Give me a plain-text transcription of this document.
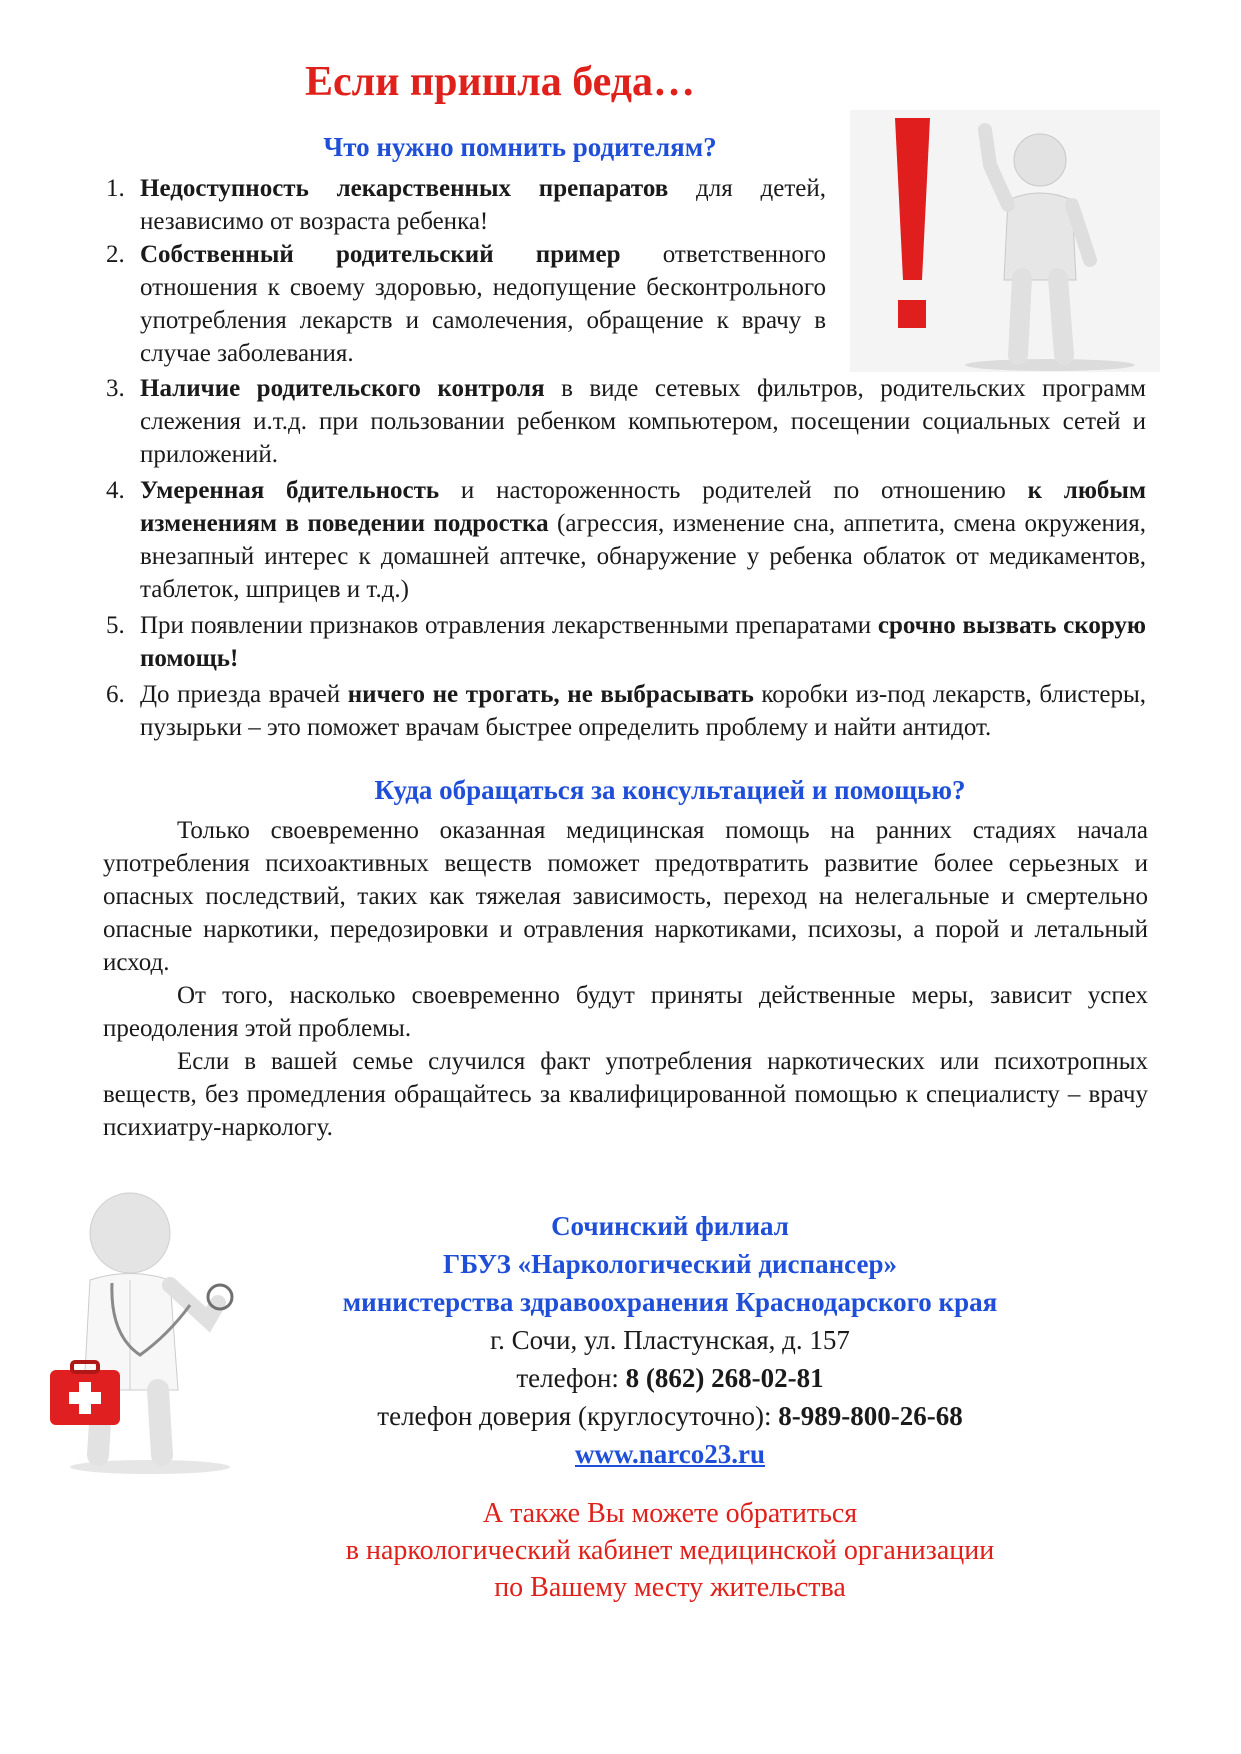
Если пришла беда…
Что нужно помнить родителям?
1. Недоступность лекарственных препаратов для детей, независимо от возраста ребенка!
2. Собственный родительский пример ответственного отношения к своему здоровью, недопущение бесконтрольного употребления лекарств и самолечения, обращение к врачу в случае заболевания.
3. Наличие родительского контроля в виде сетевых фильтров, родительских программ слежения и.т.д. при пользовании ребенком компьютером, посещении социальных сетей и приложений.
4. Умеренная бдительность и настороженность родителей по отношению к любым изменениям в поведении подростка (агрессия, изменение сна, аппетита, смена окружения, внезапный интерес к домашней аптечке, обнаружение у ребенка облаток от медикаментов, таблеток, шприцев и т.д.)
5. При появлении признаков отравления лекарственными препаратами срочно вызвать скорую помощь!
6. До приезда врачей ничего не трогать, не выбрасывать коробки из-под лекарств, блистеры, пузырьки – это поможет врачам быстрее определить проблему и найти антидот.
Куда обращаться за консультацией и помощью?

Только своевременно оказанная медицинская помощь на ранних стадиях начала употребления психоактивных веществ поможет предотвратить развитие более серьезных и опасных последствий, таких как тяжелая зависимость, переход на нелегальные и смертельно опасные наркотики, передозировки и отравления наркотиками, психозы, а порой и летальный исход.

От того, насколько своевременно будут приняты действенные меры, зависит успех преодоления этой проблемы.

Если в вашей семье случился факт употребления наркотических или психотропных веществ, без промедления обращайтесь за квалифицированной помощью к специалисту – врачу психиатру-наркологу.

Сочинский филиал
ГБУЗ «Наркологический диспансер»
министерства здравоохранения Краснодарского края
г. Сочи, ул. Пластунская, д. 157
телефон: 8 (862) 268-02-81
телефон доверия (круглосуточно): 8-989-800-26-68
www.narco23.ru
А также Вы можете обратиться
в наркологический кабинет медицинской организации
по Вашему месту жительства
